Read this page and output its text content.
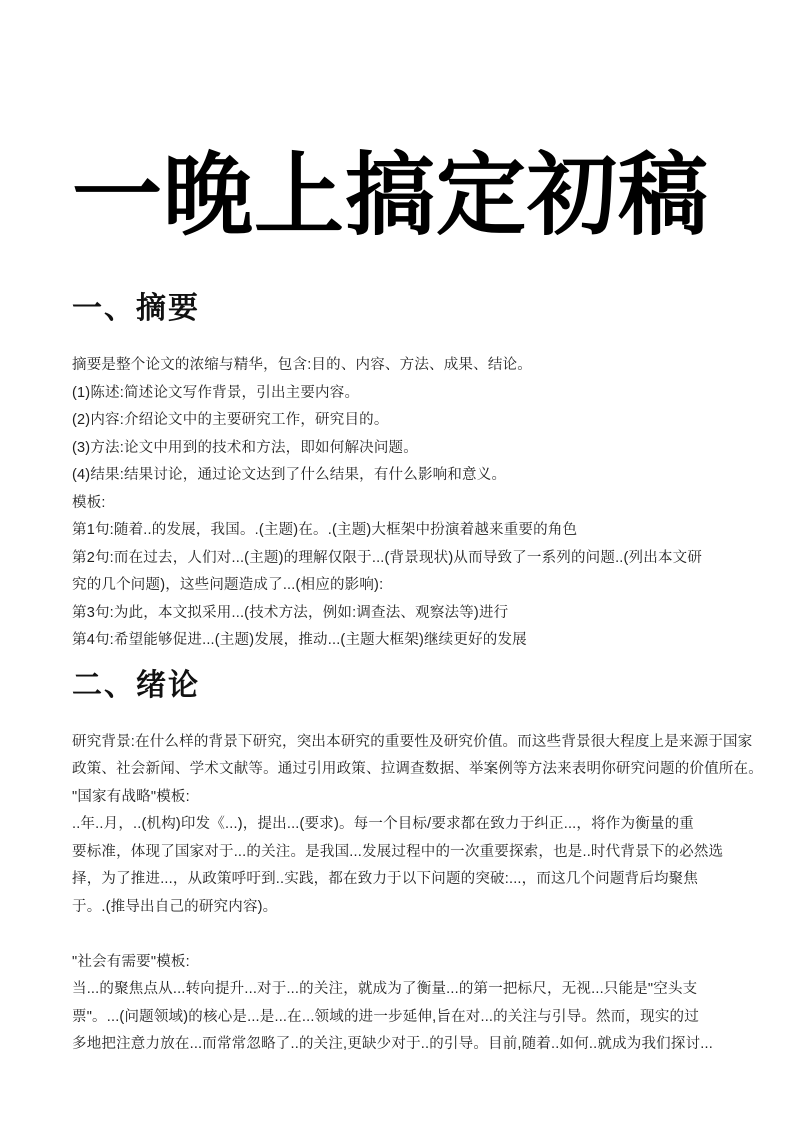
一晚上搞定初稿
一、摘要
摘要是整个论文的浓缩与精华，包含:目的、内容、方法、成果、结论。
(1)陈述:简述论文写作背景，引出主要内容。
(2)内容:介绍论文中的主要研究工作，研究目的。
(3)方法:论文中用到的技术和方法，即如何解决问题。
(4)结果:结果讨论，通过论文达到了什么结果，有什么影响和意义。
模板:
第1句:随着..的发展，我国。.(主题)在。.(主题)大框架中扮演着越来重要的角色
第2句:而在过去，人们对...(主题)的理解仅限于...(背景现状)从而导致了一系列的问题..(列出本文研
究的几个问题)，这些问题造成了...(相应的影响):
第3句:为此，本文拟采用...(技术方法，例如:调查法、观察法等)进行
第4句:希望能够促进...(主题)发展，推动...(主题大框架)继续更好的发展
二、绪论
研究背景:在什么样的背景下研究，突出本研究的重要性及研究价值。而这些背景很大程度上是来源于国家
政策、社会新闻、学术文献等。通过引用政策、拉调查数据、举案例等方法来表明你研究问题的价值所在。
"国家有战略"模板:
..年..月，..(机构)印发《...)，提出...(要求)。每一个目标/要求都在致力于纠正...，将作为衡量的重
要标准，体现了国家对于...的关注。是我国...发展过程中的一次重要探索，也是..时代背景下的必然选
择，为了推进...，从政策呼吁到..实践，都在致力于以下问题的突破:...，而这几个问题背后均聚焦
于。.(推导出自己的研究内容)。

"社会有需要"模板:
当...的聚焦点从...转向提升...对于...的关注，就成为了衡量...的第一把标尺，无视...只能是"空头支
票"。...(问题领域)的核心是...是...在...领域的进一步延伸,旨在对...的关注与引导。然而，现实的过
多地把注意力放在...而常常忽略了..的关注,更缺少对于..的引导。目前,随着..如何..就成为我们探讨...
